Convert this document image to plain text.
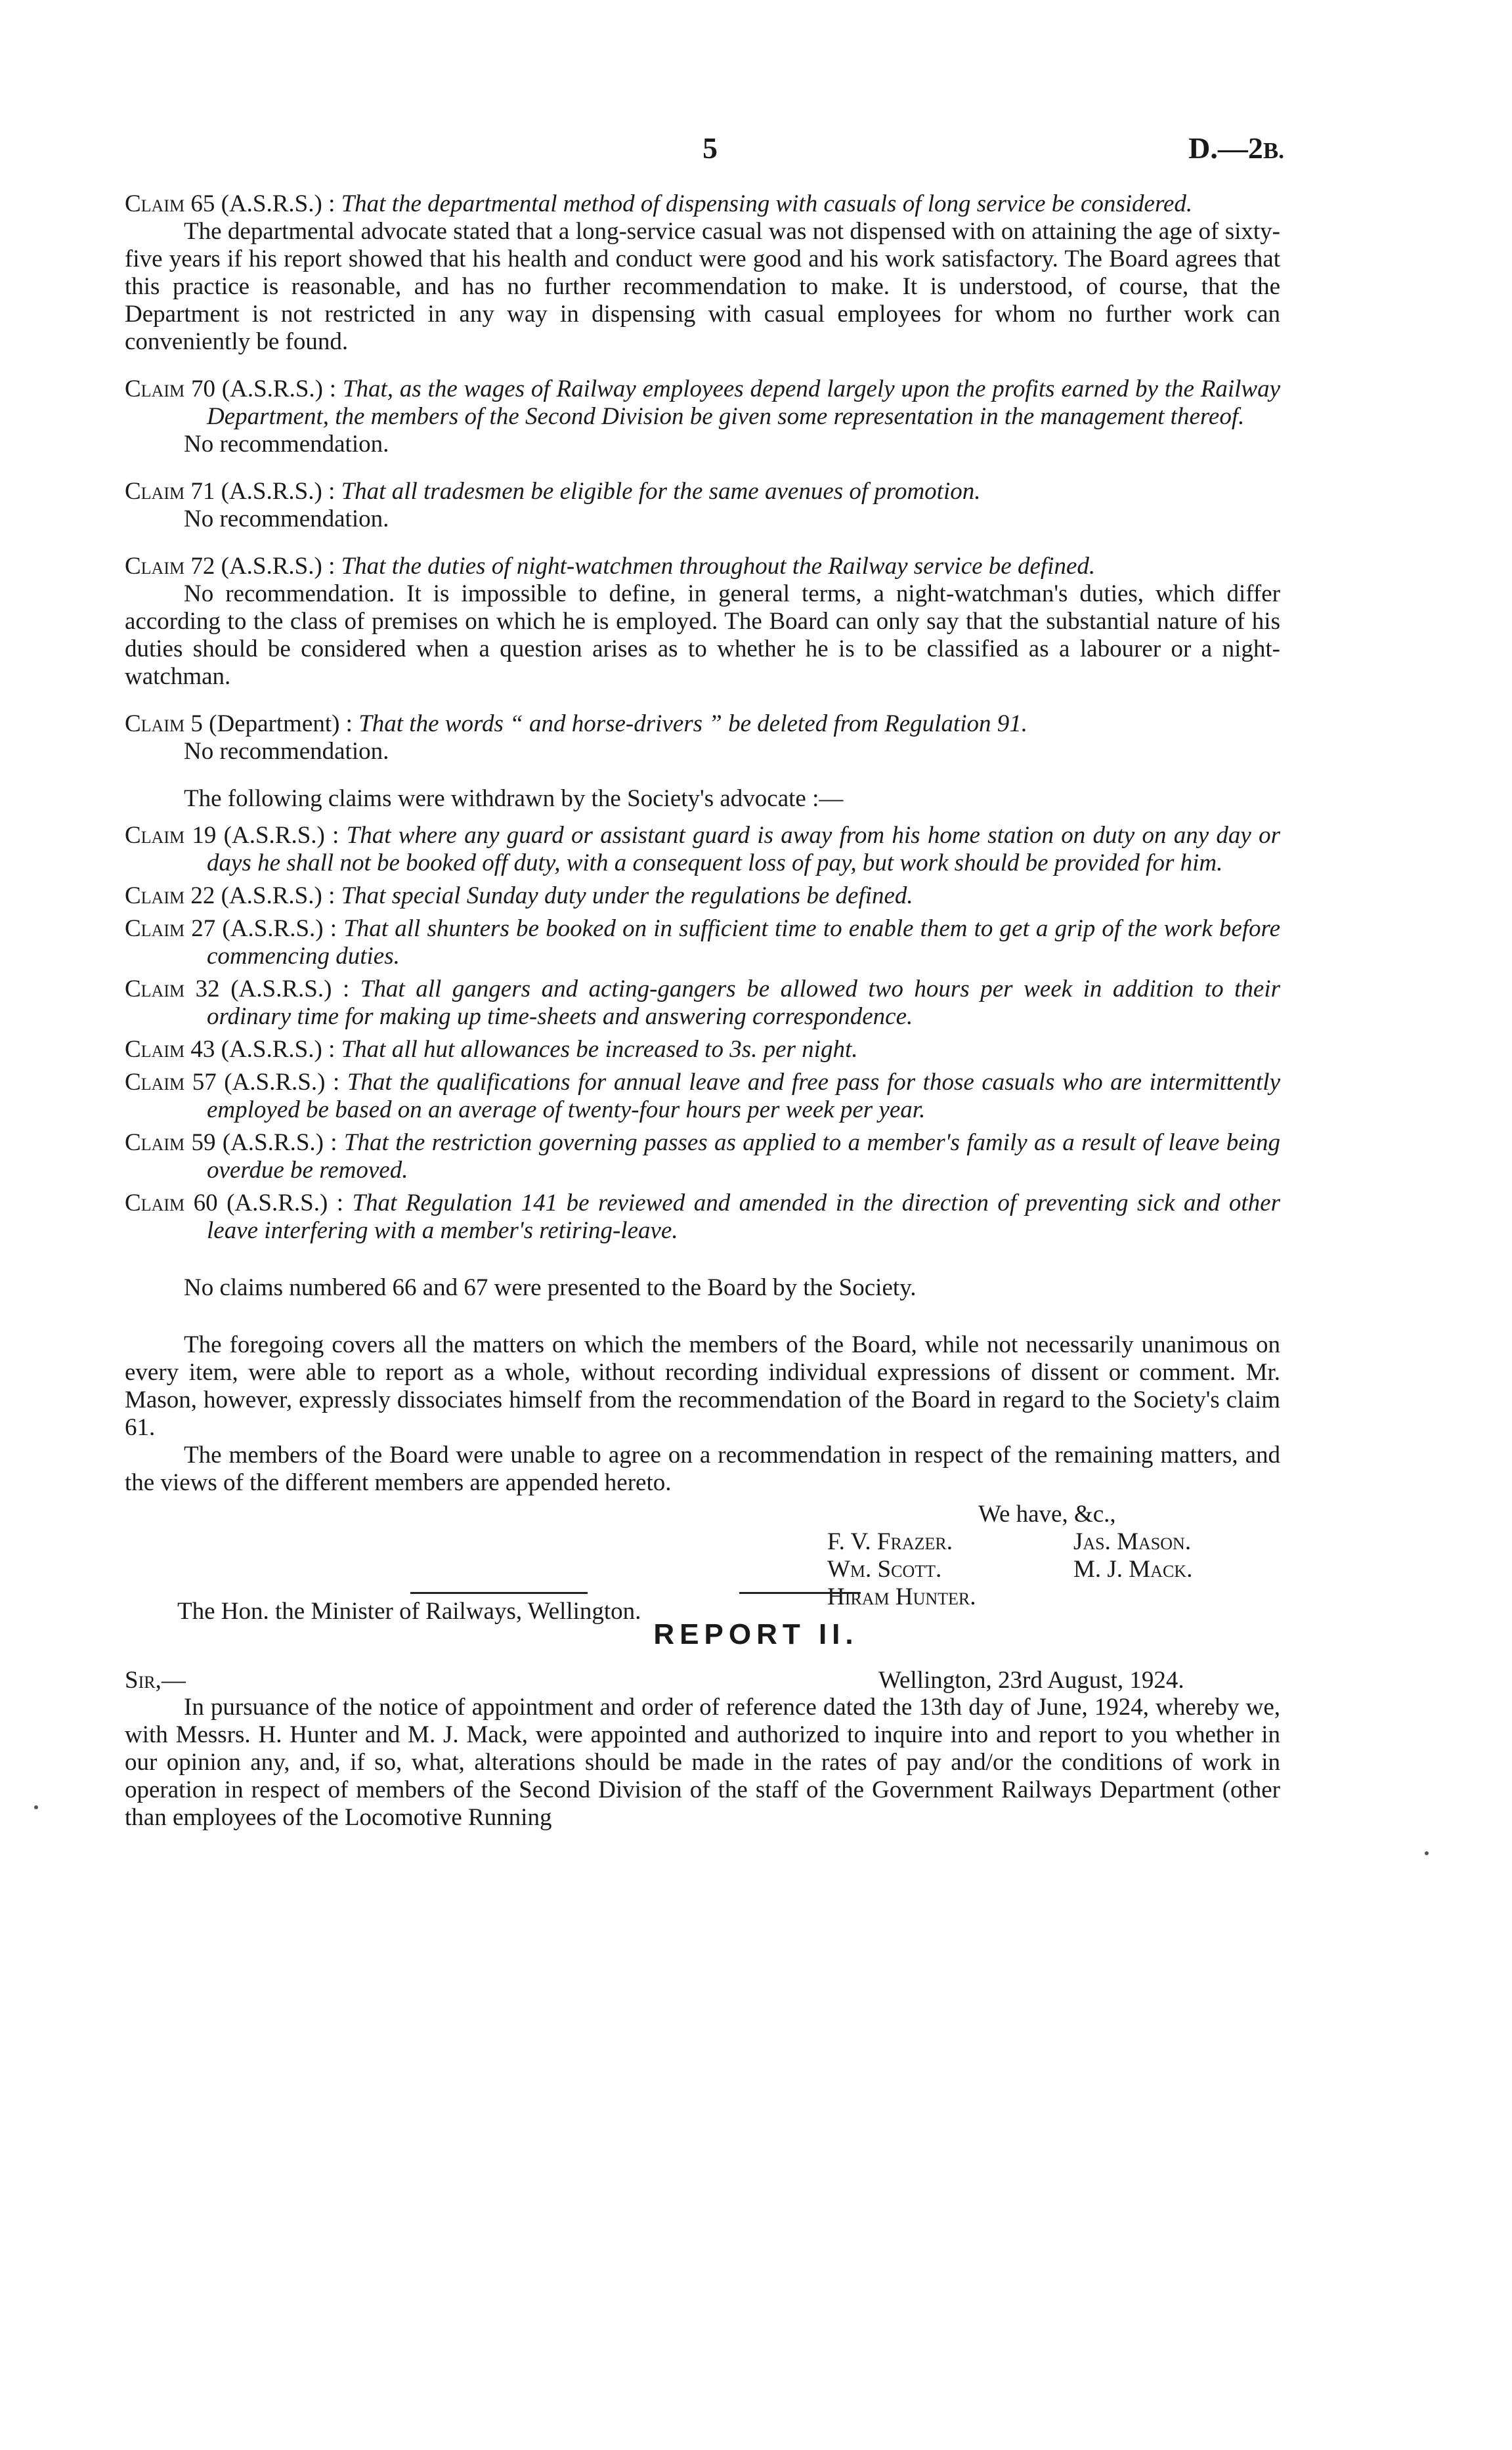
5	D.—2B.

Claim 65 (A.S.R.S.) : That the departmental method of dispensing with casuals of long service be considered.

The departmental advocate stated that a long-service casual was not dispensed with on attaining the age of sixty-five years if his report showed that his health and conduct were good and his work satisfactory. The Board agrees that this practice is reasonable, and has no further recommendation to make. It is understood, of course, that the Department is not restricted in any way in dispensing with casual employees for whom no further work can conveniently be found.

Claim 70 (A.S.R.S.) : That, as the wages of Railway employees depend largely upon the profits earned by the Railway Department, the members of the Second Division be given some representation in the management thereof.

No recommendation.

Claim 71 (A.S.R.S.) : That all tradesmen be eligible for the same avenues of promotion.

No recommendation.

Claim 72 (A.S.R.S.) : That the duties of night-watchmen throughout the Railway service be defined.

No recommendation. It is impossible to define, in general terms, a night-watchman's duties, which differ according to the class of premises on which he is employed. The Board can only say that the substantial nature of his duties should be considered when a question arises as to whether he is to be classified as a labourer or a night-watchman.

Claim 5 (Department) : That the words “ and horse-drivers ” be deleted from Regulation 91.

No recommendation.

The following claims were withdrawn by the Society's advocate :—

Claim 19 (A.S.R.S.) : That where any guard or assistant guard is away from his home station on duty on any day or days he shall not be booked off duty, with a consequent loss of pay, but work should be provided for him.

Claim 22 (A.S.R.S.) : That special Sunday duty under the regulations be defined.

Claim 27 (A.S.R.S.) : That all shunters be booked on in sufficient time to enable them to get a grip of the work before commencing duties.

Claim 32 (A.S.R.S.) : That all gangers and acting-gangers be allowed two hours per week in addition to their ordinary time for making up time-sheets and answering correspondence.

Claim 43 (A.S.R.S.) : That all hut allowances be increased to 3s. per night.

Claim 57 (A.S.R.S.) : That the qualifications for annual leave and free pass for those casuals who are intermittently employed be based on an average of twenty-four hours per week per year.

Claim 59 (A.S.R.S.) : That the restriction governing passes as applied to a member's family as a result of leave being overdue be removed.

Claim 60 (A.S.R.S.) : That Regulation 141 be reviewed and amended in the direction of preventing sick and other leave interfering with a member's retiring-leave.

No claims numbered 66 and 67 were presented to the Board by the Society.

The foregoing covers all the matters on which the members of the Board, while not necessarily unanimous on every item, were able to report as a whole, without recording individual expressions of dissent or comment. Mr. Mason, however, expressly dissociates himself from the recommendation of the Board in regard to the Society's claim 61.

The members of the Board were unable to agree on a recommendation in respect of the remaining matters, and the views of the different members are appended hereto.

We have, &c.,
F. V. Frazer.
Wm. Scott.
Hiram Hunter.
Jas. Mason.
M. J. Mack.
The Hon. the Minister of Railways, Wellington.
REPORT II.
Sir,—	Wellington, 23rd August, 1924.

In pursuance of the notice of appointment and order of reference dated the 13th day of June, 1924, whereby we, with Messrs. H. Hunter and M. J. Mack, were appointed and authorized to inquire into and report to you whether in our opinion any, and, if so, what, alterations should be made in the rates of pay and/or the conditions of work in operation in respect of members of the Second Division of the staff of the Government Railways Department (other than employees of the Locomotive Running
